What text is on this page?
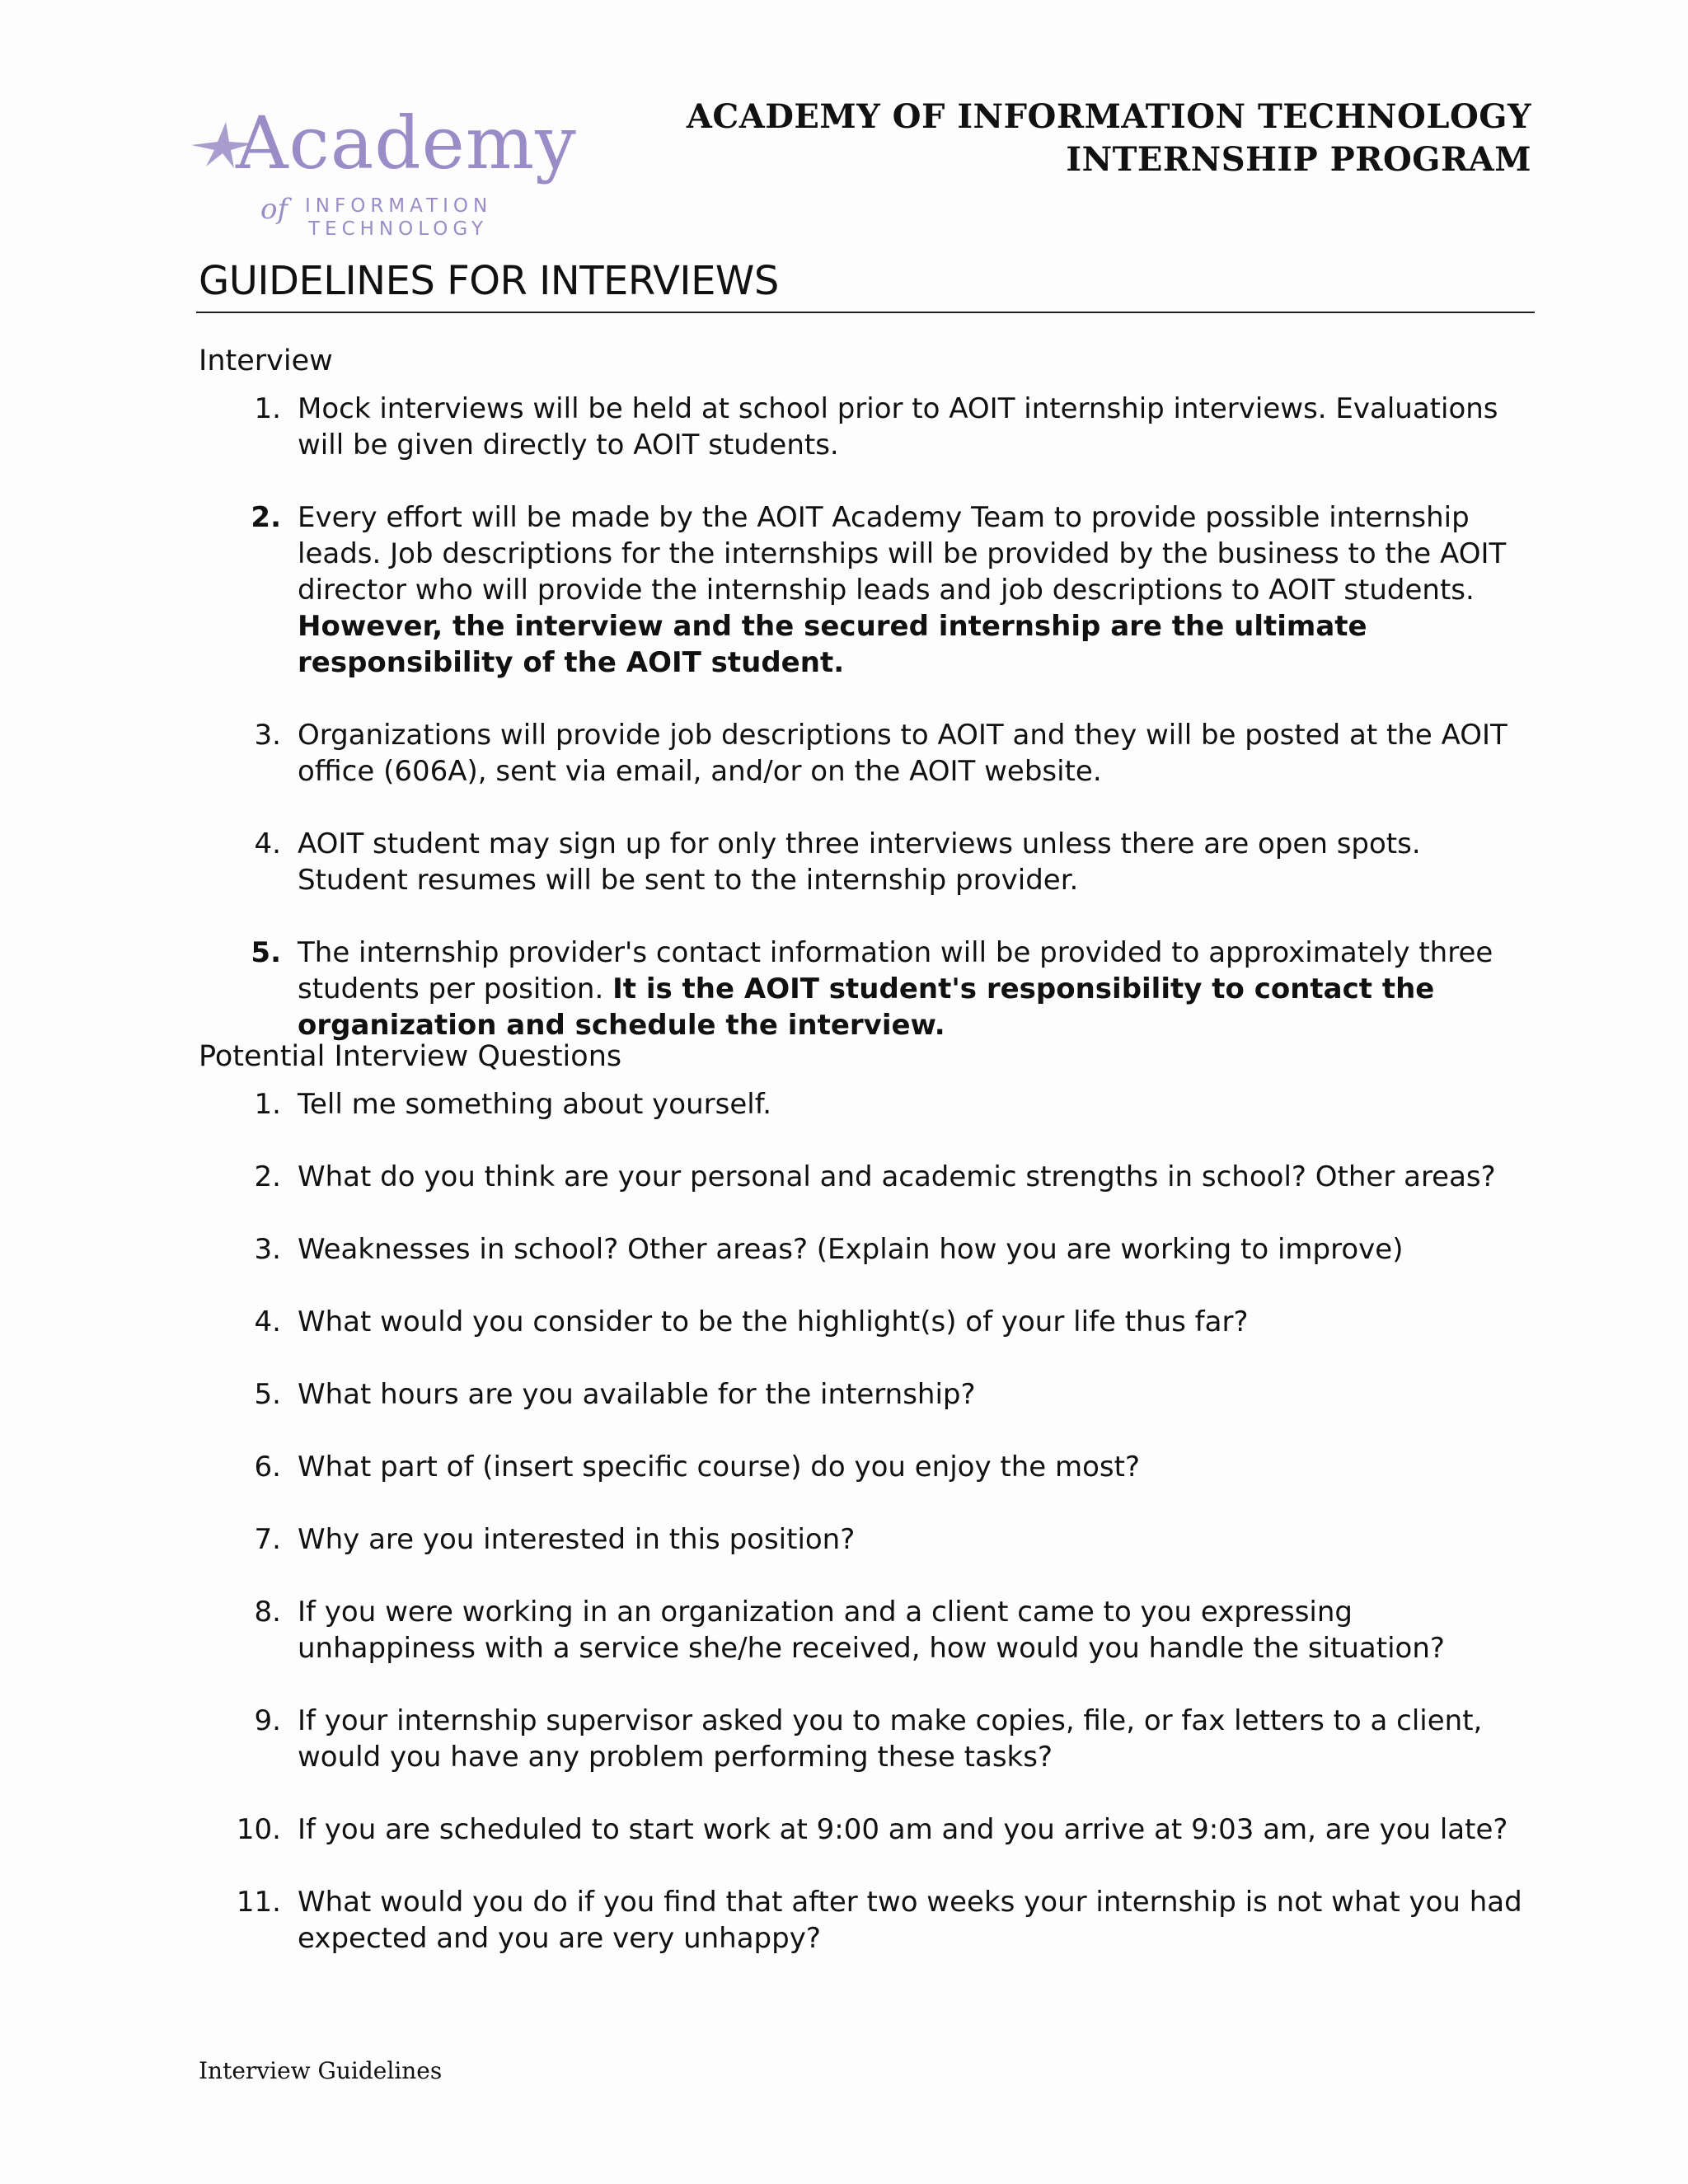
Academy
of INFORMATION
TECHNOLOGY
ACADEMY OF INFORMATION TECHNOLOGY
INTERNSHIP PROGRAM
GUIDELINES FOR INTERVIEWS
Interview
1. Mock interviews will be held at school prior to AOIT internship interviews. Evaluations will be given directly to AOIT students.
2. Every effort will be made by the AOIT Academy Team to provide possible internship leads. Job descriptions for the internships will be provided by the business to the AOIT director who will provide the internship leads and job descriptions to AOIT students. However, the interview and the secured internship are the ultimate responsibility of the AOIT student.
3. Organizations will provide job descriptions to AOIT and they will be posted at the AOIT office (606A), sent via email, and/or on the AOIT website.
4. AOIT student may sign up for only three interviews unless there are open spots. Student resumes will be sent to the internship provider.
5. The internship provider's contact information will be provided to approximately three students per position. It is the AOIT student's responsibility to contact the organization and schedule the interview.
Potential Interview Questions
1. Tell me something about yourself.
2. What do you think are your personal and academic strengths in school? Other areas?
3. Weaknesses in school? Other areas? (Explain how you are working to improve)
4. What would you consider to be the highlight(s) of your life thus far?
5. What hours are you available for the internship?
6. What part of (insert specific course) do you enjoy the most?
7. Why are you interested in this position?
8. If you were working in an organization and a client came to you expressing unhappiness with a service she/he received, how would you handle the situation?
9. If your internship supervisor asked you to make copies, file, or fax letters to a client, would you have any problem performing these tasks?
10. If you are scheduled to start work at 9:00 am and you arrive at 9:03 am, are you late?
11. What would you do if you find that after two weeks your internship is not what you had expected and you are very unhappy?
Interview Guidelines
